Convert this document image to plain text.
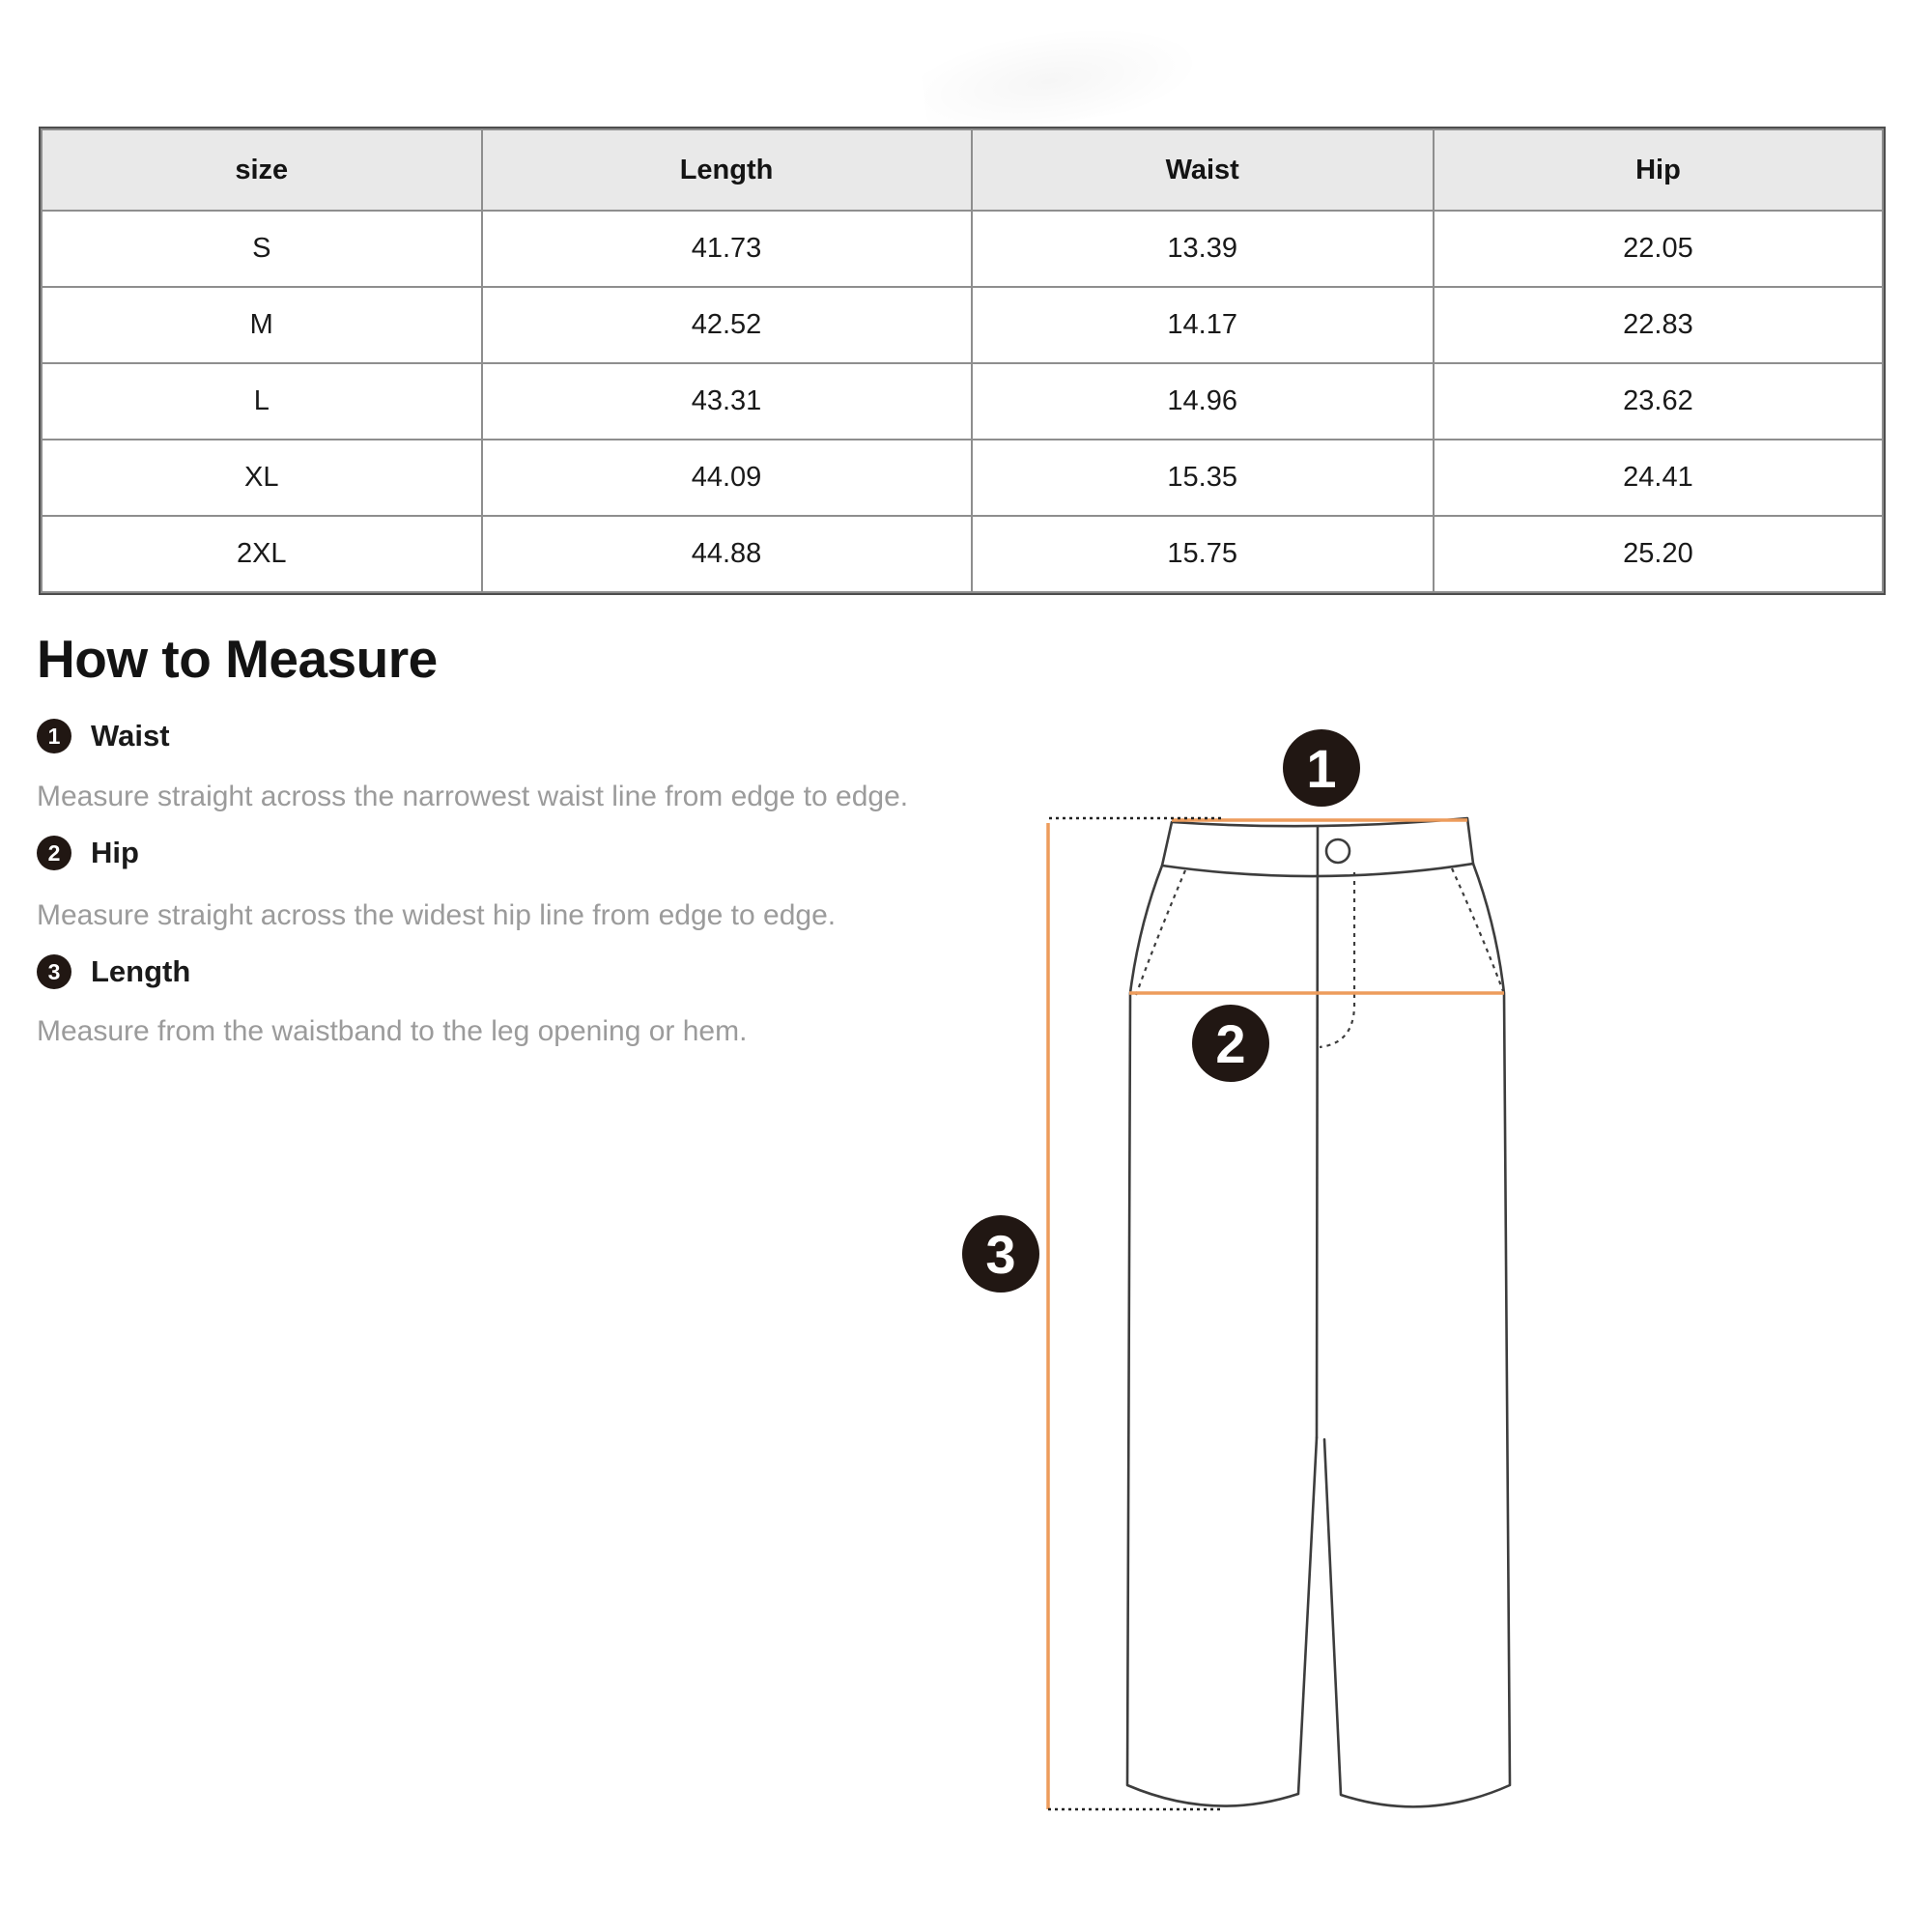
size	Length	Waist	Hip
S	41.73	13.39	22.05
M	42.52	14.17	22.83
L	43.31	14.96	23.62
XL	44.09	15.35	24.41
2XL	44.88	15.75	25.20
How to Measure
1	Waist
Measure straight across the narrowest waist line from edge to edge.
2	Hip
Measure straight across the widest hip line from edge to edge.
3	Length
Measure from the waistband to the leg opening or hem.
1
2
3
